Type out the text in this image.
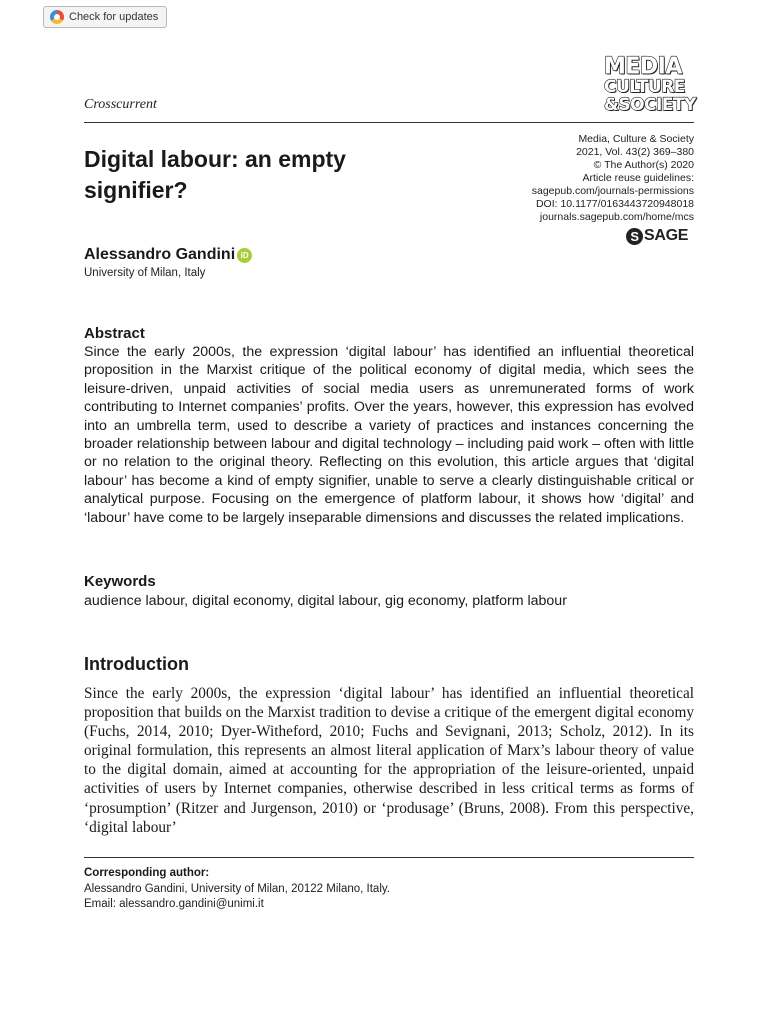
Check for updates
MEDIA
CULTURE
&SOCIETY
Crosscurrent
Digital labour: an empty signifier?
Media, Culture & Society
2021, Vol. 43(2) 369–380
© The Author(s) 2020
Article reuse guidelines:
sagepub.com/journals-permissions
DOI: 10.1177/0163443720948018
journals.sagepub.com/home/mcs
S SAGE
Alessandro Gandini iD
University of Milan, Italy
Abstract

Since the early 2000s, the expression ‘digital labour’ has identified an influential theoretical proposition in the Marxist critique of the political economy of digital media, which sees the leisure-driven, unpaid activities of social media users as unremunerated forms of work contributing to Internet companies’ profits. Over the years, however, this expression has evolved into an umbrella term, used to describe a variety of practices and instances concerning the broader relationship between labour and digital technology – including paid work – often with little or no relation to the original theory. Reflecting on this evolution, this article argues that ‘digital labour’ has become a kind of empty signifier, unable to serve a clearly distinguishable critical or analytical purpose. Focusing on the emergence of platform labour, it shows how ‘digital’ and ‘labour’ have come to be largely inseparable dimensions and discusses the related implications.

Keywords
audience labour, digital economy, digital labour, gig economy, platform labour
Introduction

Since the early 2000s, the expression ‘digital labour’ has identified an influential theoretical proposition that builds on the Marxist tradition to devise a critique of the emergent digital economy (Fuchs, 2014, 2010; Dyer-Witheford, 2010; Fuchs and Sevignani, 2013; Scholz, 2012). In its original formulation, this represents an almost literal application of Marx’s labour theory of value to the digital domain, aimed at accounting for the appropriation of the leisure-oriented, unpaid activities of users by Internet companies, otherwise described in less critical terms as forms of ‘prosumption’ (Ritzer and Jurgenson, 2010) or ‘produsage’ (Bruns, 2008). From this perspective, ‘digital labour’

Corresponding author:
Alessandro Gandini, University of Milan, 20122 Milano, Italy.
Email: alessandro.gandini@unimi.it
